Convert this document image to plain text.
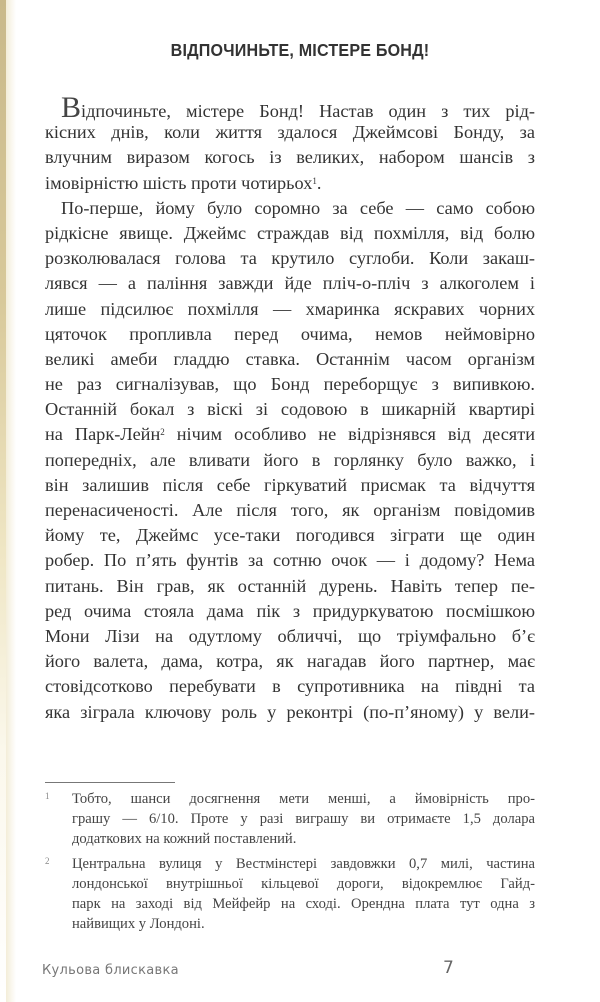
ВІДПОЧИНЬТЕ, МІСТЕРЕ БОНД!
Відпочиньте, містере Бонд! Настав один з тих рід-
кісних днів, коли життя здалося Джеймсові Бонду, за
влучним виразом когось із великих, набором шансів з
імовірністю шість проти чотирьох$^1$.
По-перше, йому було соромно за себе — само собою
рідкісне явище. Джеймс страждав від похмілля, від болю
розколювалася голова та крутило суглоби. Коли закаш-
лявся — а паління завжди йде пліч-о-пліч з алкоголем і
лише підсилює похмілля — хмаринка яскравих чорних
цяточок пропливла перед очима, немов неймовірно
великі амеби гладдю ставка. Останнім часом організм
не раз сигналізував, що Бонд переборщує з випивкою.
Останній бокал з віскі зі содовою в шикарній квартирі
на Парк-Лейн$^2$ нічим особливо не відрізнявся від десяти
попередніх, але вливати його в горлянку було важко, і
він залишив після себе гіркуватий присмак та відчуття
перенасиченості. Але після того, як організм повідомив
йому те, Джеймс усе-таки погодився зіграти ще один
робер. По п’ять фунтів за сотню очок — і додому? Нема
питань. Він грав, як останній дурень. Навіть тепер пе-
ред очима стояла дама пік з придуркуватою посмішкою
Мони Лізи на одутлому обличчі, що тріумфально б’є
його валета, дама, котра, як нагадав його партнер, має
стовідсотково перебувати в супротивника на півдні та
яка зіграла ключову роль у реконтрі (по-п’яному) у вели-
1 Тобто, шанси досягнення мети менші, а ймовірність про-
грашу — 6/10. Проте у разі виграшу ви отримаєте 1,5 долара
додаткових на кожний поставлений.
2 Центральна вулиця у Вестмінстері завдовжки 0,7 милі, частина
лондонської внутрішньої кільцевої дороги, відокремлює Гайд-
парк на заході від Мейфейр на сході. Орендна плата тут одна з
найвищих у Лондоні.
Кульова блискавка	7
